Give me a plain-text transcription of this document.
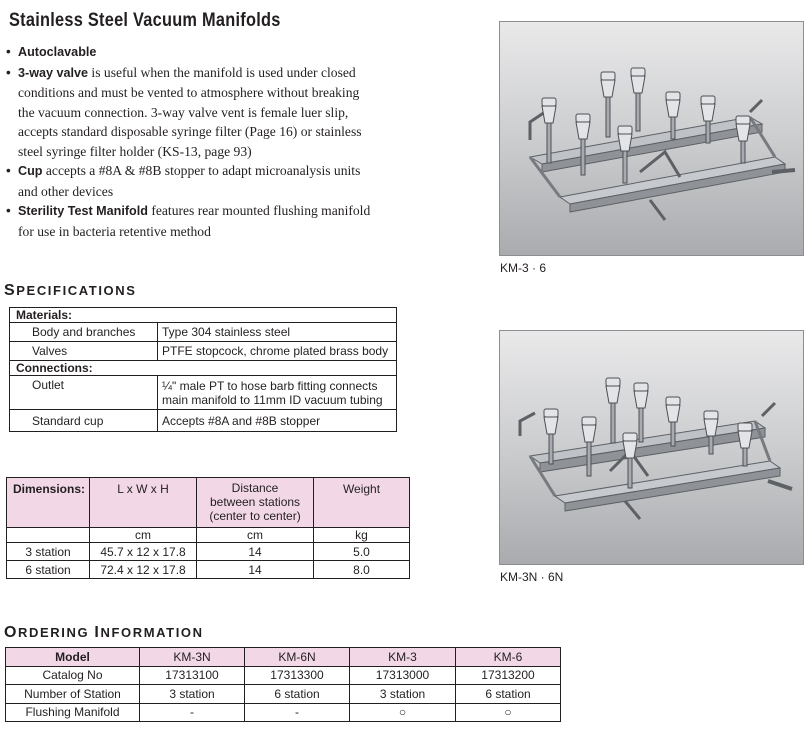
Stainless Steel Vacuum Manifolds
• Autoclavable
• 3-way valve is useful when the manifold is used under closed conditions and must be vented to atmosphere without breaking the vacuum connection. 3-way valve vent is female luer slip, accepts standard disposable syringe filter (Page 16) or stainless steel syringe filter holder (KS-13, page 93)
• Cup accepts a #8A & #8B stopper to adapt microanalysis units and other devices
• Sterility Test Manifold features rear mounted flushing manifold for use in bacteria retentive method
SPECIFICATIONS
Materials:	
Body and branches	Type 304 stainless steel
Valves	PTFE stopcock, chrome plated brass body
Connections:	
Outlet	¼" male PT to hose barb fitting connects main manifold to 11mm ID vacuum tubing
Standard cup	Accepts #8A and #8B stopper
Dimensions:	L x W x H	Distance between stations (center to center)	Weight
	cm	cm	kg
3 station	45.7 x 12 x 17.8	14	5.0
6 station	72.4 x 12 x 17.8	14	8.0
ORDERING INFORMATION
Model	KM-3N	KM-6N	KM-3	KM-6
Catalog No	17313100	17313300	17313000	17313200
Number of Station	3 station	6 station	3 station	6 station
Flushing Manifold	-	-	○	○
KM-3 · 6
KM-3N · 6N
